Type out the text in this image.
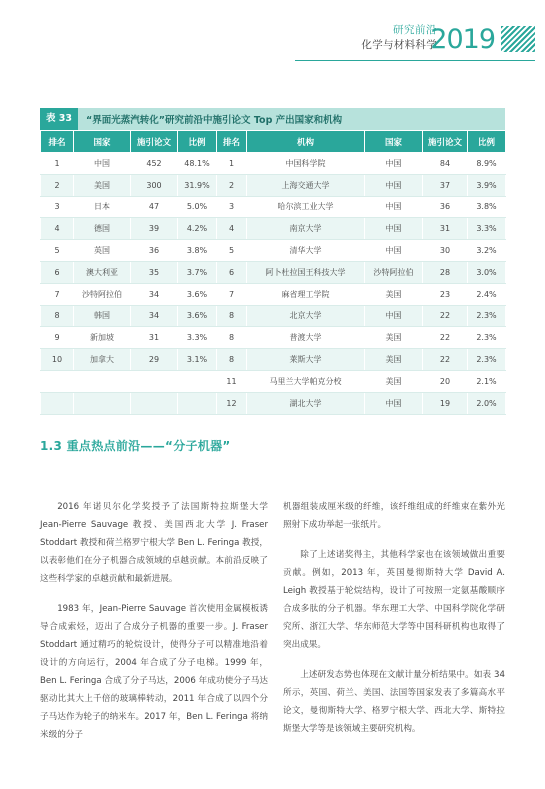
研究前沿
化学与材料科学
2019
表 33	“界面光蒸汽转化”研究前沿中施引论文 Top 产出国家和机构
排名	国家	施引论文	比例	排名	机构	国家	施引论文	比例
1	中国	452	48.1%	1	中国科学院	中国	84	8.9%
2	美国	300	31.9%	2	上海交通大学	中国	37	3.9%
3	日本	47	5.0%	3	哈尔滨工业大学	中国	36	3.8%
4	德国	39	4.2%	4	南京大学	中国	31	3.3%
5	英国	36	3.8%	5	清华大学	中国	30	3.2%
6	澳大利亚	35	3.7%	6	阿卜杜拉国王科技大学	沙特阿拉伯	28	3.0%
7	沙特阿拉伯	34	3.6%	7	麻省理工学院	美国	23	2.4%
8	韩国	34	3.6%	8	北京大学	中国	22	2.3%
9	新加坡	31	3.3%	8	普渡大学	美国	22	2.3%
10	加拿大	29	3.1%	8	莱斯大学	美国	22	2.3%
				11	马里兰大学帕克分校	美国	20	2.1%
				12	湖北大学	中国	19	2.0%
1.3 重点热点前沿——“分子机器”

2016 年诺贝尔化学奖授予了法国斯特拉斯堡大学 Jean-Pierre Sauvage 教授、美国西北大学 J. Fraser Stoddart 教授和荷兰格罗宁根大学 Ben L. Feringa 教授，以表彰他们在分子机器合成领域的卓越贡献。本前沿反映了这些科学家的卓越贡献和最新进展。

1983 年，Jean-Pierre Sauvage 首次使用金属模板诱导合成索烃，迈出了合成分子机器的重要一步。J. Fraser Stoddart 通过精巧的轮烷设计，使得分子可以精准地沿着设计的方向运行，2004 年合成了分子电梯。1999 年，Ben L. Feringa 合成了分子马达，2006 年成功使分子马达驱动比其大上千倍的玻璃棒转动，2011 年合成了以四个分子马达作为轮子的纳米车。2017 年，Ben L. Feringa 将纳米级的分子

机器组装成厘米级的纤维，该纤维组成的纤维束在紫外光照射下成功举起一张纸片。

除了上述诺奖得主，其他科学家也在该领域做出重要贡献。例如，2013 年，英国曼彻斯特大学 David A. Leigh 教授基于轮烷结构，设计了可按照一定氨基酸顺序合成多肽的分子机器。华东理工大学、中国科学院化学研究所、浙江大学、华东师范大学等中国科研机构也取得了突出成果。

上述研发态势也体现在文献计量分析结果中。如表 34 所示，英国、荷兰、美国、法国等国家发表了多篇高水平论文，曼彻斯特大学、格罗宁根大学、西北大学、斯特拉斯堡大学等是该领域主要研究机构。
